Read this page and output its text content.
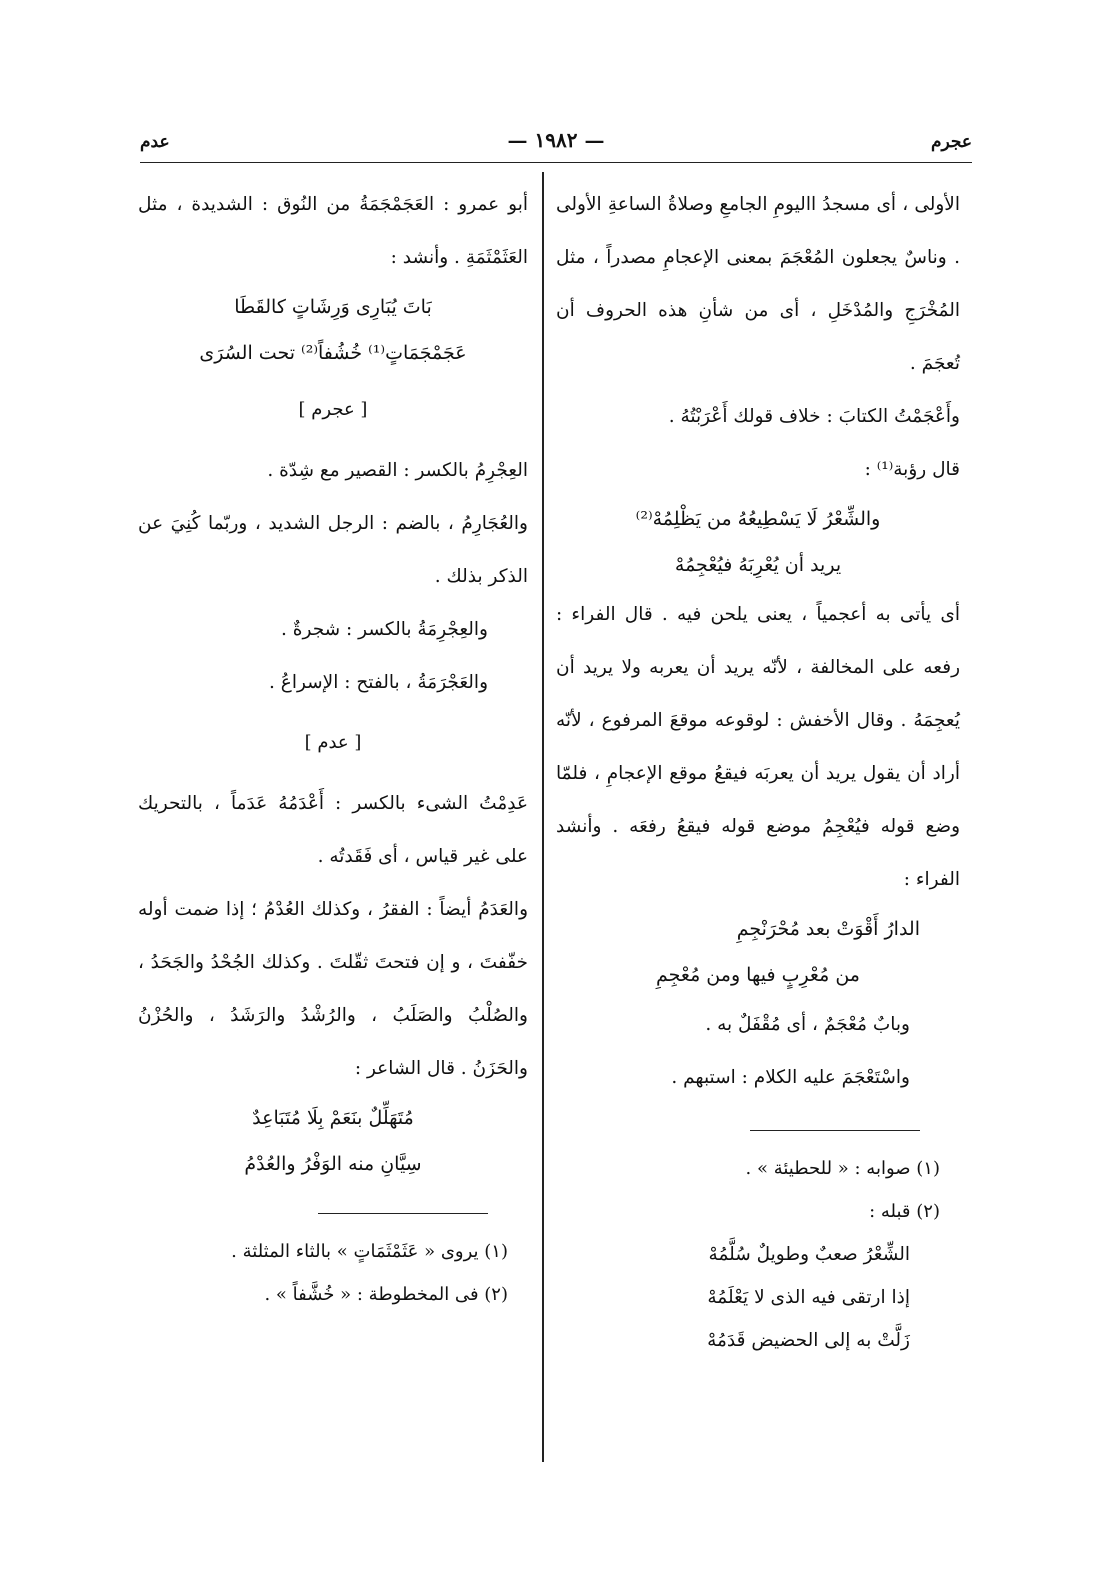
عجرم
— ١٩٨٢ —
عدم

الأولى ، أى مسجدُ االيومِ الجامعِ وصلاةُ الساعةِ الأولى . وناسٌ يجعلون المُعْجَمَ بمعنى الإعجامِ مصدراً ، مثل المُخْرَجِ والمُدْخَلِ ، أى من شأنِ هذه الحروف أن تُعجَمَ .

وأَعْجَمْتُ الكتابَ : خلاف قولك أَعْرَبْتُهُ .

قال رؤبة⁽¹⁾ :

والشِّعْرُ لَا يَسْطِيعُهُ من يَظْلِمُهْ⁽²⁾

يريد أن يُعْرِبَهُ فيُعْجِمُهْ

أى يأتى به أعجمياً ، يعنى يلحن فيه . قال الفراء : رفعه على المخالفة ، لأنّه يريد أن يعربه ولا يريد أن يُعجِمَهُ . وقال الأخفش : لوقوعه موقعَ المرفوع ، لأنّه أراد أن يقول يريد أن يعربَه فيقعُ موقع الإعجامِ ، فلمّا وضع قوله فيُعْجِمُ موضع قوله فيقعُ رفعَه . وأنشد الفراء :

الدارُ أَقْوَتْ بعد مُحْرَنْجِمِ

من مُعْرِبٍ فيها ومن مُعْجِمِ

وبابٌ مُعْجَمٌ ، أى مُقْفَلٌ به .

واسْتَعْجَمَ عليه الكلام : استبهم .

(١) صوابه : « للحطيئة » .

(٢) قبله :

الشِّعْرُ صعبٌ وطويلٌ سُلَّمُهْ

إذا ارتقى فيه الذى لا يَعْلَمُهْ

زَلَّتْ به إلى الحضيض قَدَمُهْ

أبو عمرو : العَجَمْجَمَةُ من النُوق : الشديدة ، مثل العَثَمْثَمَةِ . وأنشد :

بَاتَ يُبَارِى وَرِشَاتٍ كالقَطَا

عَجَمْجَمَاتٍ⁽¹⁾ خُشُفاً⁽²⁾ تحت السُرَى

[ عجرم ]

العِجْرِمُ بالكسر : القصير مع شِدّة .

والعُجَارِمُ ، بالضم : الرجل الشديد ، وربّما كُنِيَ عن الذكر بذلك .

والعِجْرِمَةُ بالكسر : شجرةٌ .

والعَجْرَمَةُ ، بالفتح : الإسراعُ .

[ عدم ]

عَدِمْتُ الشىء بالكسر : أَعْدَمُهُ عَدَماً ، بالتحريك على غير قياس ، أى فَقَدتُه .

والعَدَمُ أيضاً : الفقرُ ، وكذلك العُدْمُ ؛ إذا ضمت أوله خفّفتَ ، و إن فتحتَ ثقّلتَ . وكذلك الجُحْدُ والجَحَدُ ، والصُلْبُ والصَلَبُ ، والرُشْدُ والرَشَدُ ، والحُزْنُ والحَزَنُ . قال الشاعر :

مُتَهَلِّلٌ بنَعَمْ بِلَا مُتَبَاعِدٌ

سِيَّانِ منه الوَفْرُ والعُدْمُ

(١) يروى « عَثَمْثَمَاتٍ » بالثاء المثلثة .

(٢) فى المخطوطة : « خُشَّفاً » .
